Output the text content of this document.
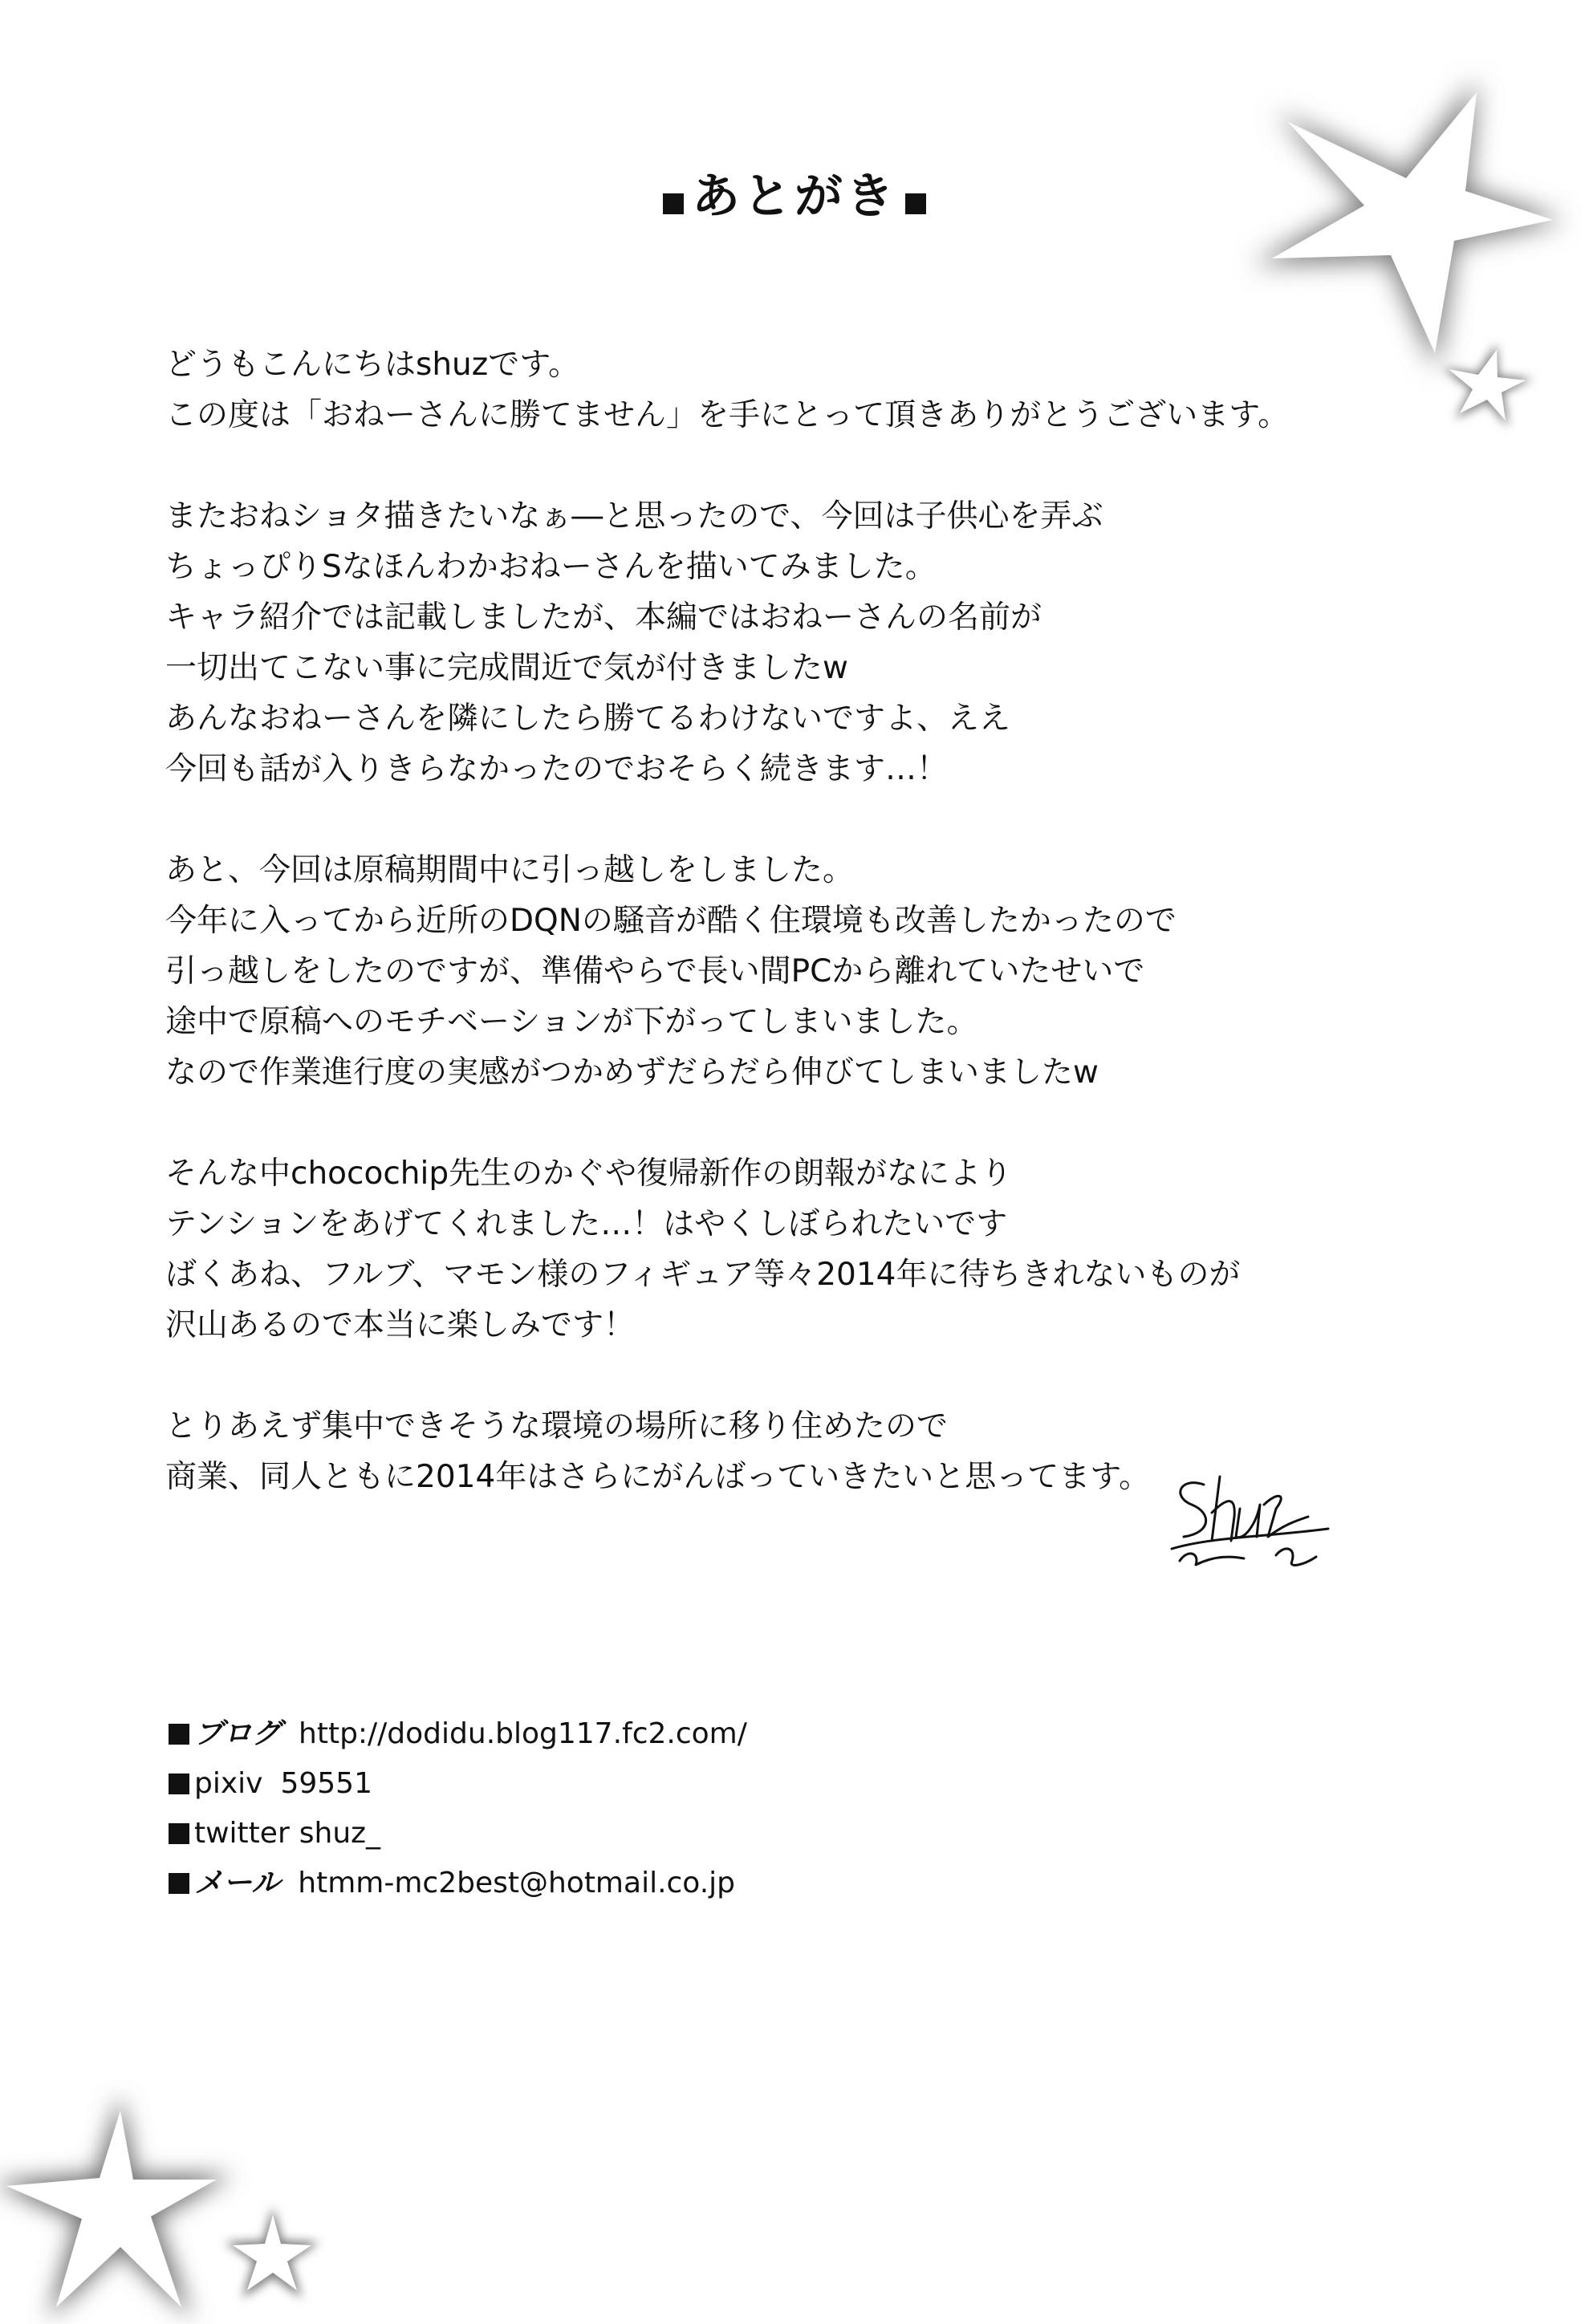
あとがき
どうもこんにちはshuzです。
この度は「おねーさんに勝てません」を手にとって頂きありがとうございます。
またおねショタ描きたいなぁ―と思ったので、今回は子供心を弄ぶ
ちょっぴりSなほんわかおねーさんを描いてみました。
キャラ紹介では記載しましたが、本編ではおねーさんの名前が
一切出てこない事に完成間近で気が付きましたw
あんなおねーさんを隣にしたら勝てるわけないですよ、ええ
今回も話が入りきらなかったのでおそらく続きます…！
あと、今回は原稿期間中に引っ越しをしました。
今年に入ってから近所のDQNの騒音が酷く住環境も改善したかったので
引っ越しをしたのですが、準備やらで長い間PCから離れていたせいで
途中で原稿へのモチベーションが下がってしまいました。
なので作業進行度の実感がつかめずだらだら伸びてしまいましたw
そんな中chocochip先生のかぐや復帰新作の朗報がなにより
テンションをあげてくれました…！はやくしぼられたいです
ばくあね、フルブ、マモン様のフィギュア等々2014年に待ちきれないものが
沢山あるので本当に楽しみです！
とりあえず集中できそうな環境の場所に移り住めたので
商業、同人ともに2014年はさらにがんばっていきたいと思ってます。
ブログ http://dodidu.blog117.fc2.com/
pixiv 59551
twitter shuz_
メール htmm-mc2best@hotmail.co.jp
